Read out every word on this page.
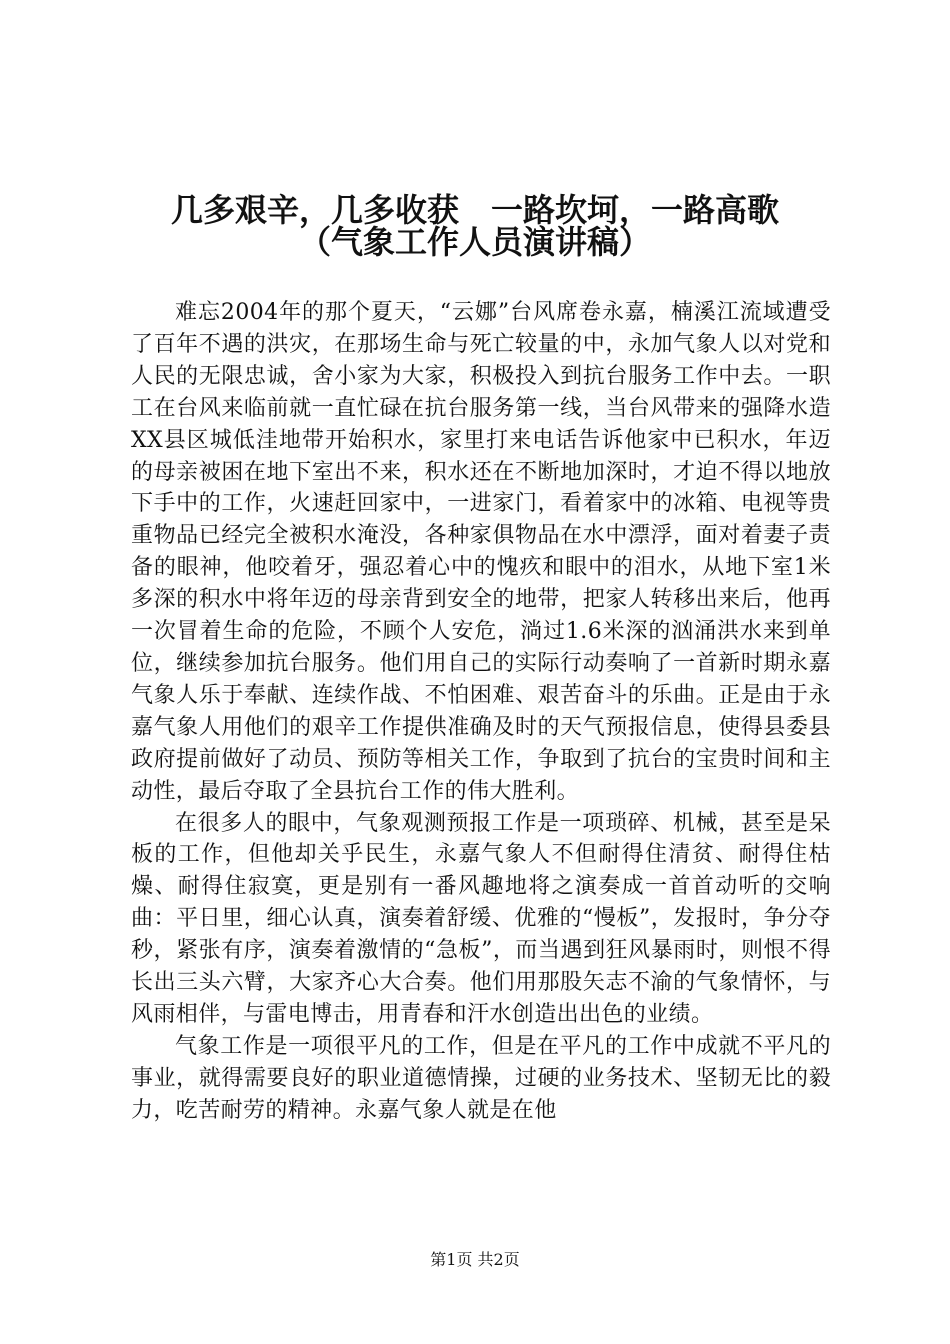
几多艰辛，几多收获 一路坎坷，一路高歌
（气象工作人员演讲稿）

难忘2004年的那个夏天，“云娜”台风席卷永嘉，楠溪江流域遭受了百年不遇的洪灾，在那场生命与死亡较量的中，永加气象人以对党和人民的无限忠诚，舍小家为大家，积极投入到抗台服务工作中去。一职工在台风来临前就一直忙碌在抗台服务第一线，当台风带来的强降水造XX县区城低洼地带开始积水，家里打来电话告诉他家中已积水，年迈的母亲被困在地下室出不来，积水还在不断地加深时，才迫不得以地放下手中的工作，火速赶回家中，一进家门，看着家中的冰箱、电视等贵重物品已经完全被积水淹没，各种家俱物品在水中漂浮，面对着妻子责备的眼神，他咬着牙，强忍着心中的愧疚和眼中的泪水，从地下室1米多深的积水中将年迈的母亲背到安全的地带，把家人转移出来后，他再一次冒着生命的危险，不顾个人安危，淌过1.6米深的汹涌洪水来到单位，继续参加抗台服务。他们用自己的实际行动奏响了一首新时期永嘉气象人乐于奉献、连续作战、不怕困难、艰苦奋斗的乐曲。正是由于永嘉气象人用他们的艰辛工作提供准确及时的天气预报信息，使得县委县政府提前做好了动员、预防等相关工作，争取到了抗台的宝贵时间和主动性，最后夺取了全县抗台工作的伟大胜利。

在很多人的眼中，气象观测预报工作是一项琐碎、机械，甚至是呆板的工作，但他却关乎民生，永嘉气象人不但耐得住清贫、耐得住枯燥、耐得住寂寞，更是别有一番风趣地将之演奏成一首首动听的交响曲：平日里，细心认真，演奏着舒缓、优雅的“慢板”，发报时，争分夺秒，紧张有序，演奏着激情的“急板”，而当遇到狂风暴雨时，则恨不得长出三头六臂，大家齐心大合奏。他们用那股矢志不渝的气象情怀，与风雨相伴，与雷电博击，用青春和汗水创造出出色的业绩。

气象工作是一项很平凡的工作，但是在平凡的工作中成就不平凡的事业，就得需要良好的职业道德情操，过硬的业务技术、坚韧无比的毅力，吃苦耐劳的精神。永嘉气象人就是在他

第1页 共2页
